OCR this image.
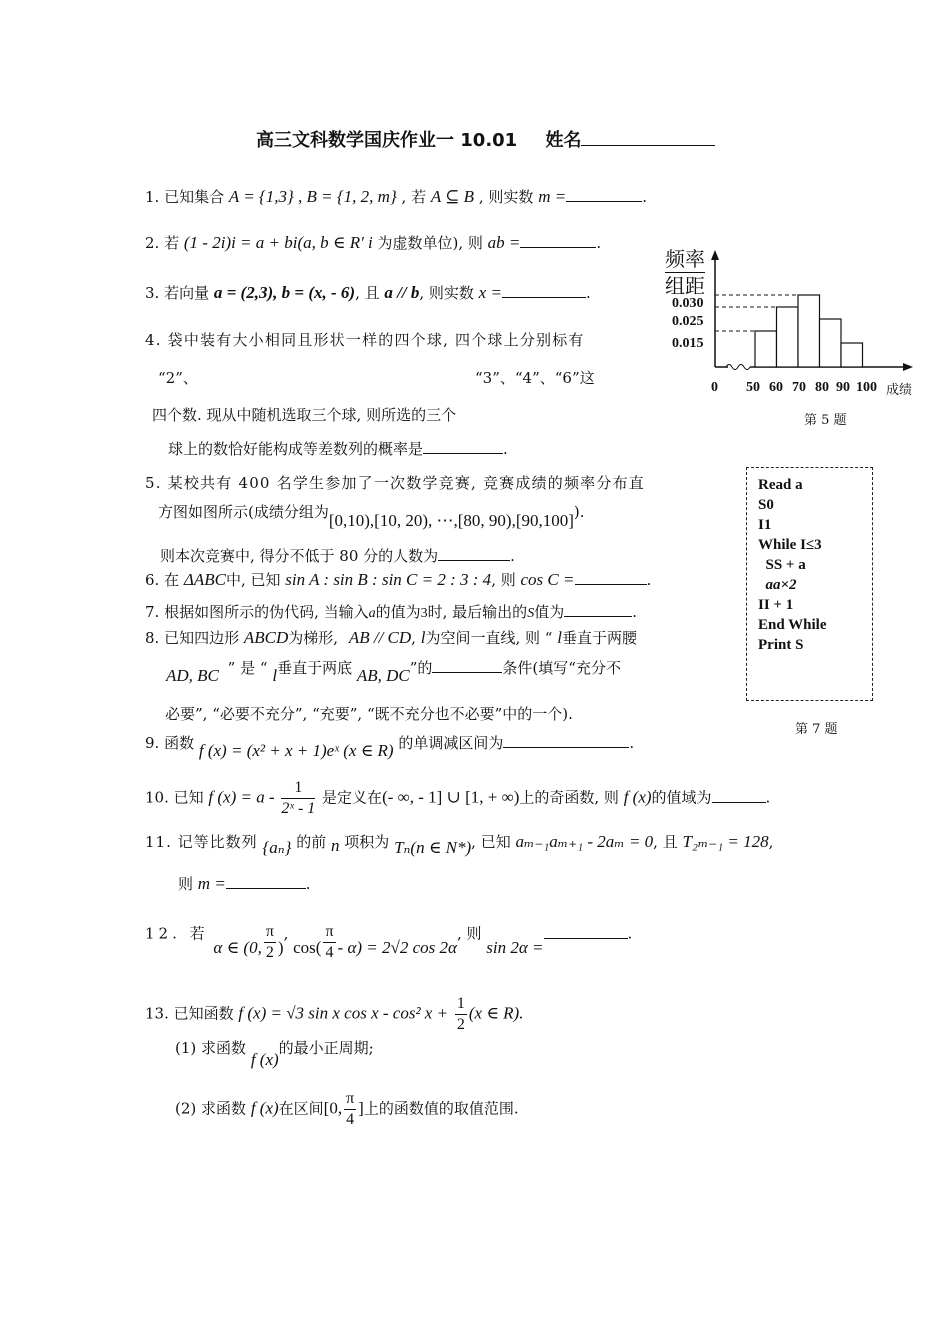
高三文科数学国庆作业一 10.01 姓名
1. 已知集合 A = {1,3} , B = {1, 2, m} , 若 A ⊆ B , 则实数 m =	.
2. 若 (1 - 2i)i = a + bi(a, b ∈ R' i 为虚数单位), 则 ab =	.
3. 若向量 a = (2,3), b = (x, - 6), 且 a // b, 则实数 x =	.
4. 袋中装有大小相同且形状一样的四个球, 四个球上分别标有
“2”、	“3”、“4”、“6”这
四个数. 现从中随机选取三个球, 则所选的三个
球上的数恰好能构成等差数列的概率是	.
5. 某校共有 400 名学生参加了一次数学竞赛, 竞赛成绩的频率分布直
方图如图所示(成绩分组为[0,10),[10, 20), ⋯,[80, 90),[90,100]).
则本次竞赛中, 得分不低于 80 分的人数为	.
6. 在 ΔABC中, 已知 sin A : sin B : sin C = 2 : 3 : 4, 则 cos C =	.
7. 根据如图所示的伪代码, 当输入a的值为3时, 最后输出的S值为	.
8. 已知四边形 ABCD为梯形, AB // CD, l为空间一直线, 则 “ l垂直于两腰
AD, BC ” 是 “ l垂直于两底 AB, DC”的	条件(填写“充分不
必要”, “必要不充分”, “充要”, “既不充分也不必要”中的一个).
9. 函数 f (x) = (x² + x + 1)eˣ (x ∈ R) 的单调减区间为	.
10. 已知 f $(x) = a - \frac{1}{\text{2ˣ - 1}}$ 是定义在(- ∞, - 1] ∪ [1, + ∞)上的奇函数, 则 f (x)的值域为	.
11. 记等比数列 {aₙ} 的前 n 项积为 Tₙ(n ∈ N*), 已知 aₘ₋₁aₘ₊₁ - 2aₘ = 0, 且 T₂ₘ₋₁ = 128,
则 m =	.
12. 若 α ∈ (0, $\frac{\pi}{2}$ ), $\cos( \frac{\pi}{4} - \alpha) = 2√2$ cos 2α, 则 sin 2α =.
13. 已知函数 f (x) = √3 sin x cos x - cos² $x + \frac{1}{2} (x$ ∈ R).
(1) 求函数 f (x)的最小正周期;
(2) 求函数 f (x)在区间[0, $\frac{\pi}{4}$ ]上的函数值的取值范围.
频率
组距
0.030
0.025
0.015
0 50 60 70 80 90 100 成绩
第 5 题
Read a
S0
I1
While I≤3
SS + a
aa×2
II + 1
End While
Print S
第 7 题
